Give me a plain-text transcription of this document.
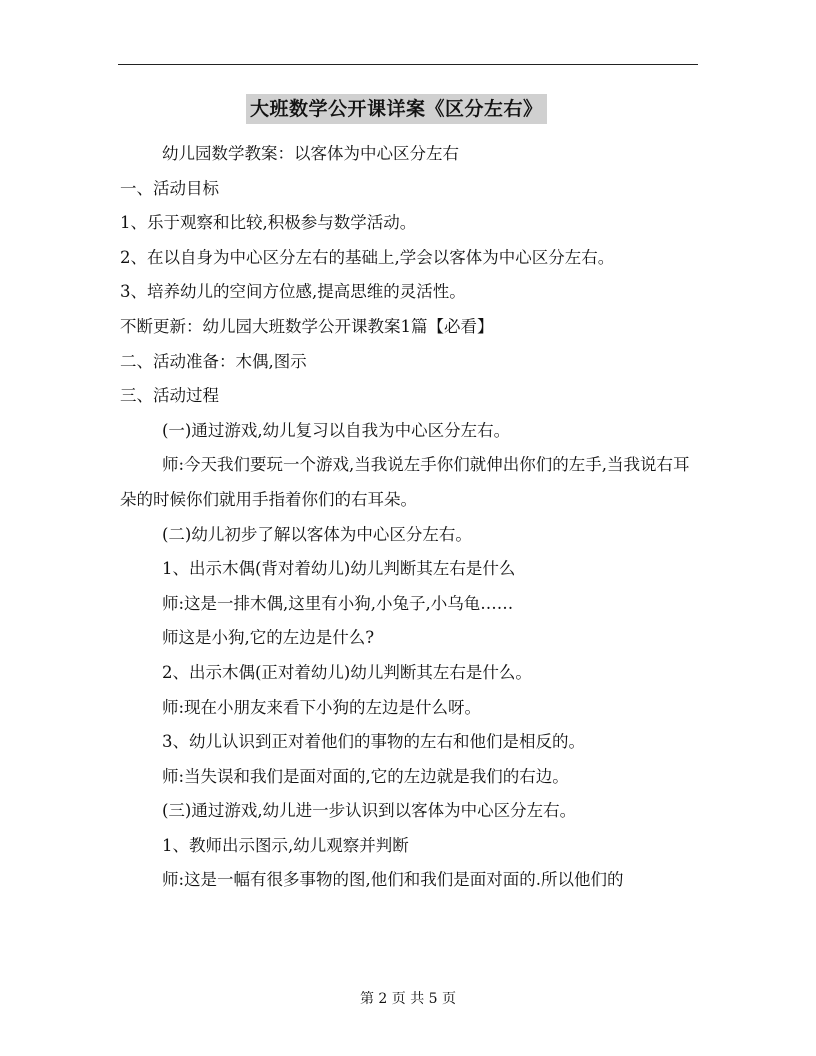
大班数学公开课详案《区分左右》

幼儿园数学教案：以客体为中心区分左右

一、活动目标

1、乐于观察和比较,积极参与数学活动。

2、在以自身为中心区分左右的基础上,学会以客体为中心区分左右。

3、培养幼儿的空间方位感,提高思维的灵活性。

不断更新：幼儿园大班数学公开课教案1篇【必看】

二、活动准备：木偶,图示

三、活动过程

(一)通过游戏,幼儿复习以自我为中心区分左右。

师:今天我们要玩一个游戏,当我说左手你们就伸出你们的左手,当我说右耳朵的时候你们就用手指着你们的右耳朵。

(二)幼儿初步了解以客体为中心区分左右。

1、出示木偶(背对着幼儿)幼儿判断其左右是什么

师:这是一排木偶,这里有小狗,小兔子,小乌龟……

师这是小狗,它的左边是什么?

2、出示木偶(正对着幼儿)幼儿判断其左右是什么。

师:现在小朋友来看下小狗的左边是什么呀。

3、幼儿认识到正对着他们的事物的左右和他们是相反的。

师:当失误和我们是面对面的,它的左边就是我们的右边。

(三)通过游戏,幼儿进一步认识到以客体为中心区分左右。

1、教师出示图示,幼儿观察并判断

师:这是一幅有很多事物的图,他们和我们是面对面的.所以他们的

第 2 页 共 5 页
